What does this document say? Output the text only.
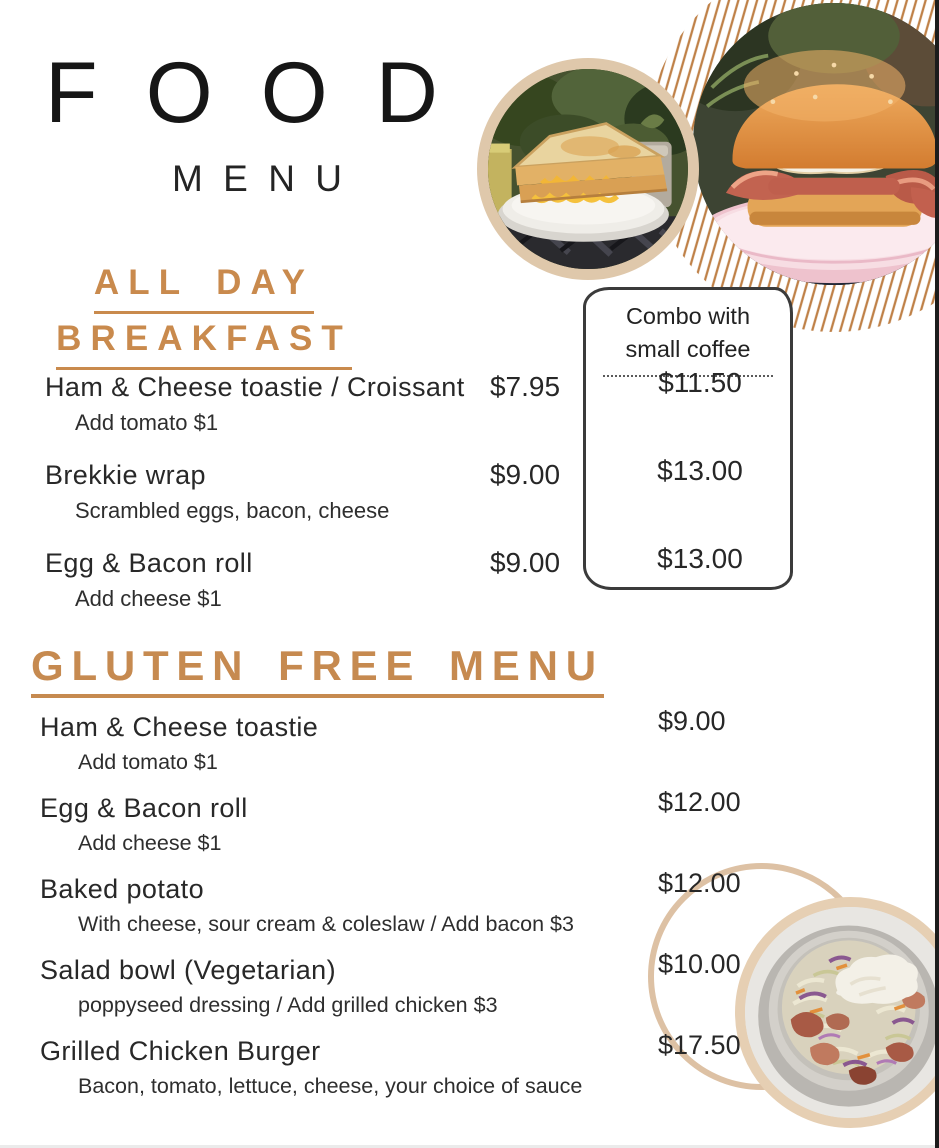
FOOD
MENU
ALL DAY
BREAKFAST
Combo with
small coffee
Ham & Cheese toastie / Croissant
Add tomato $1
$7.95	$11.50
Brekkie wrap
Scrambled eggs, bacon, cheese
$9.00	$13.00
Egg & Bacon roll
Add cheese $1
$9.00	$13.00
GLUTEN FREE MENU
Ham & Cheese toastie
Add tomato $1
$9.00
Egg & Bacon roll
Add cheese $1
$12.00
Baked potato
With cheese, sour cream & coleslaw / Add bacon $3
$12.00
Salad bowl (Vegetarian)
poppyseed dressing / Add grilled chicken $3
$10.00
Grilled Chicken Burger
Bacon, tomato, lettuce, cheese, your choice of sauce
$17.50
